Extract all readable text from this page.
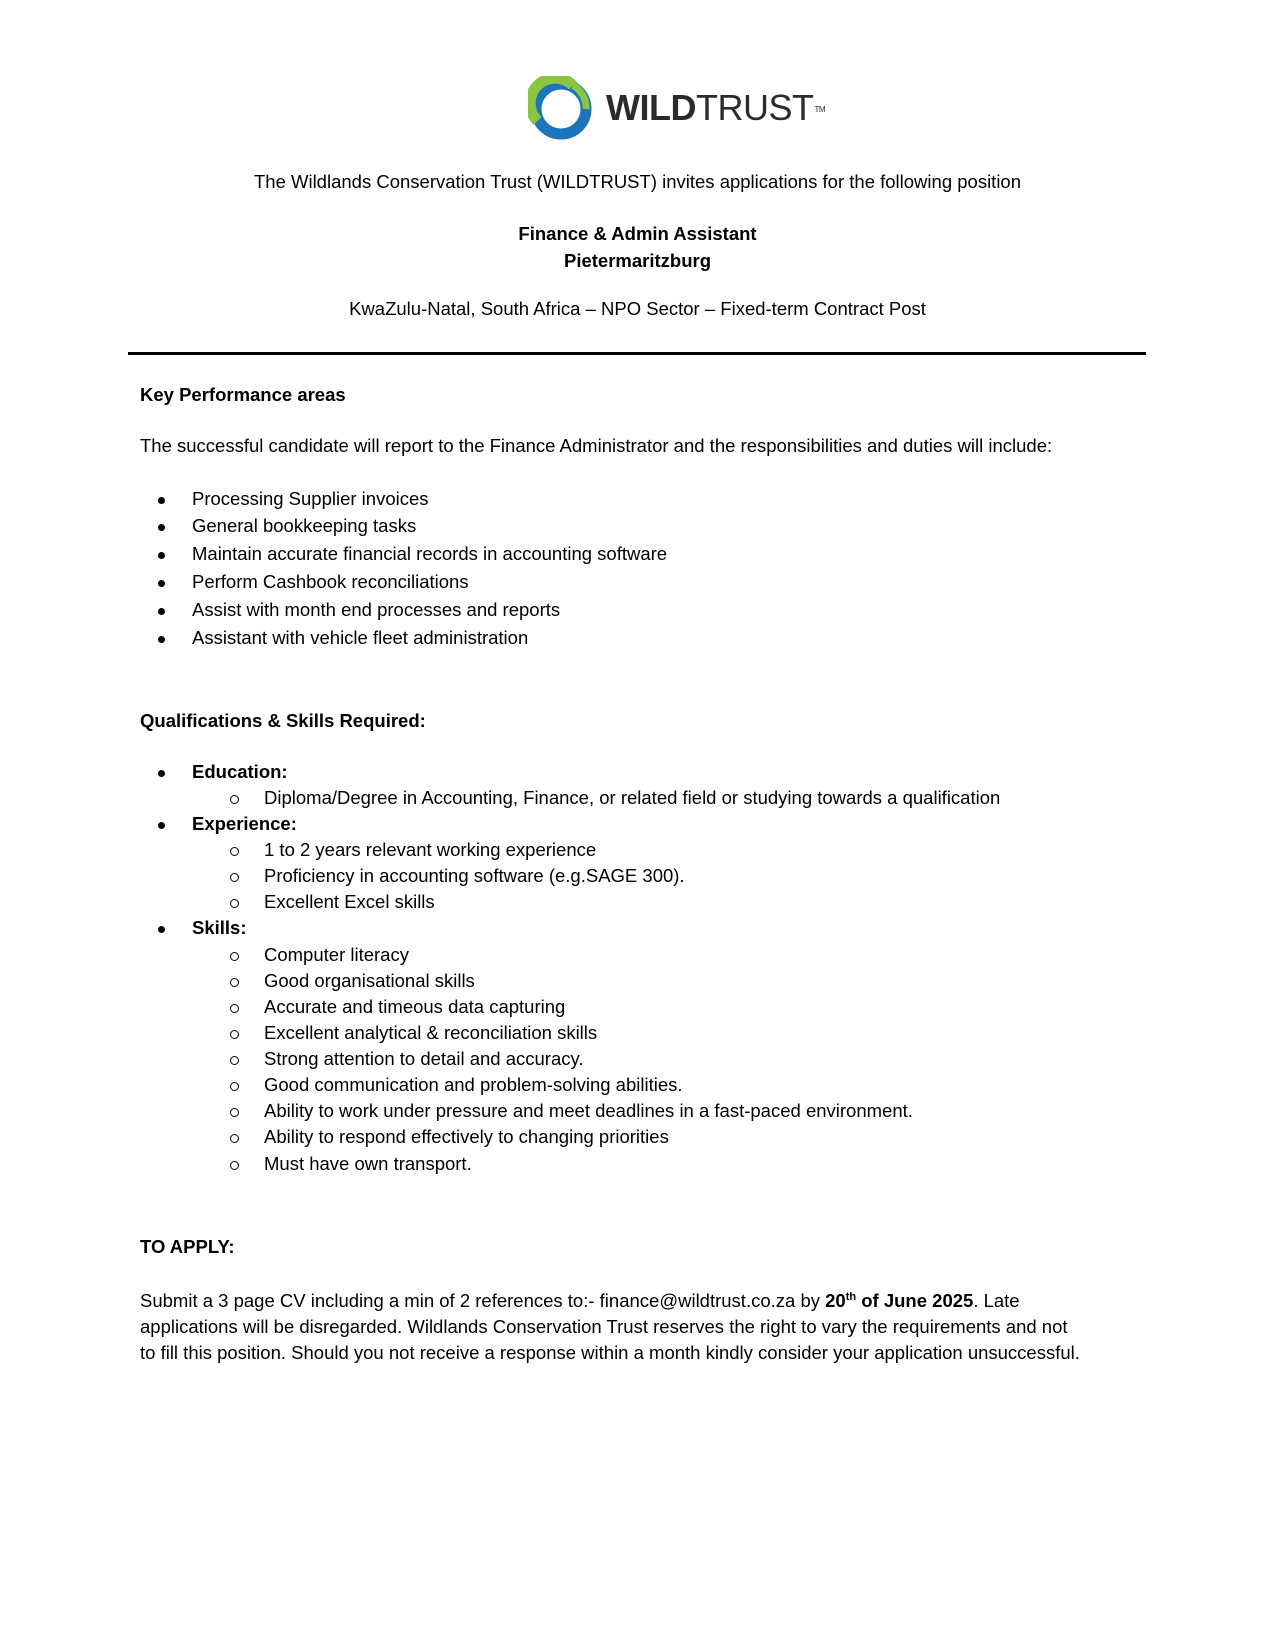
WILDTRUST™
The Wildlands Conservation Trust (WILDTRUST) invites applications for the following position
Finance & Admin Assistant
Pietermaritzburg
KwaZulu-Natal, South Africa – NPO Sector – Fixed-term Contract Post
Key Performance areas
The successful candidate will report to the Finance Administrator and the responsibilities and duties will include:
Processing Supplier invoices
General bookkeeping tasks
Maintain accurate financial records in accounting software
Perform Cashbook reconciliations
Assist with month end processes and reports
Assistant with vehicle fleet administration
Qualifications & Skills Required:
Education:
Diploma/Degree in Accounting, Finance, or related field or studying towards a qualification
Experience:
1 to 2 years relevant working experience
Proficiency in accounting software (e.g.SAGE 300).
Excellent Excel skills
Skills:
Computer literacy
Good organisational skills
Accurate and timeous data capturing
Excellent analytical & reconciliation skills
Strong attention to detail and accuracy.
Good communication and problem-solving abilities.
Ability to work under pressure and meet deadlines in a fast-paced environment.
Ability to respond effectively to changing priorities
Must have own transport.
TO APPLY:
Submit a 3 page CV including a min of 2 references to:- finance@wildtrust.co.za by 20th of June 2025. Late
applications will be disregarded. Wildlands Conservation Trust reserves the right to vary the requirements and not
to fill this position. Should you not receive a response within a month kindly consider your application unsuccessful.
